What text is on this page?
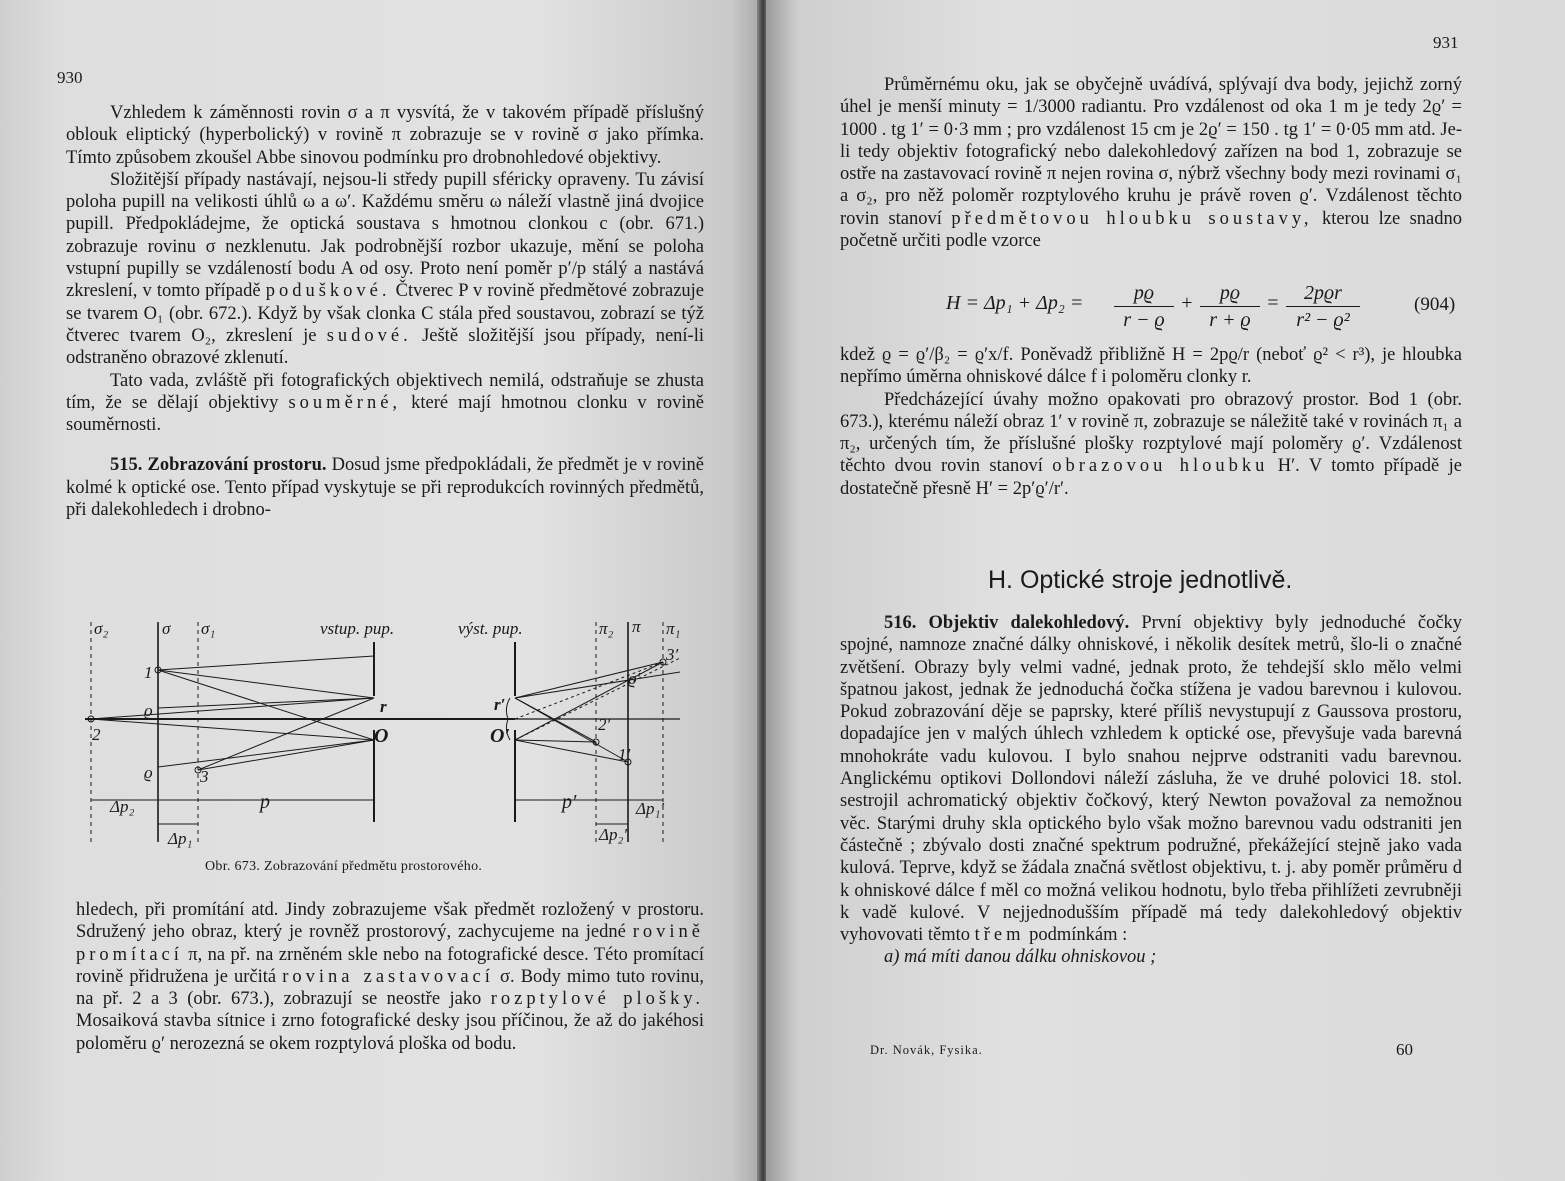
930

Vzhledem k záměnnosti rovin σ a π vysvítá, že v takovém případě příslušný oblouk eliptický (hyperbolický) v rovině π zobrazuje se v rovině σ jako přímka. Tímto způsobem zkoušel Abbe sinovou podmínku pro drobnohledové objektivy.

Složitější případy nastávají, nejsou-li středy pupill sféricky opraveny. Tu závisí poloha pupill na velikosti úhlů ω a ω′. Každému směru ω náleží vlastně jiná dvojice pupill. Předpokládejme, že optická soustava s hmotnou clonkou c (obr. 671.) zobrazuje rovinu σ nezklenutu. Jak podrobnější rozbor ukazuje, mění se poloha vstupní pupilly se vzdáleností bodu A od osy. Proto není poměr p′/p stálý a nastává zkreslení, v tomto případě poduškové. Čtverec P v rovině předmětové zobrazuje se tvarem O₁ (obr. 672.). Když by však clonka C stála před soustavou, zobrazí se týž čtverec tvarem O₂, zkreslení je sudové. Ještě složitější jsou případy, není-li odstraněno obrazové zklenutí.

Tato vada, zvláště při fotografických objektivech nemilá, odstraňuje se zhusta tím, že se dělají objektivy souměrné, které mají hmotnou clonku v rovině souměrnosti.

515. Zobrazování prostoru. Dosud jsme předpokládali, že předmět je v rovině kolmé k optické ose. Tento případ vyskytuje se při reprodukcích rovinných předmětů, při dalekohledech i drobno-

σ₂	σ σ₁	vstup. pup.	výst. pup.	π₂ π π₁
1
2
3
ϱ
ϱ
r
O
r′
O′
1′
2′
3′
ϱ′
Δp₂	p
Δp₁
p′	Δp₁′
Δp₂′
Obr. 673. Zobrazování předmětu prostorového.

hledech, při promítání atd. Jindy zobrazujeme však předmět rozložený v prostoru. Sdružený jeho obraz, který je rovněž prostorový, zachycujeme na jedné rovině promítací π, na př. na zrněném skle nebo na fotografické desce. Této promítací rovině přidružena je určitá rovina zastavovací σ. Body mimo tuto rovinu, na př. 2 a 3 (obr. 673.), zobrazují se neostře jako rozptylové plošky. Mosaiková stavba sítnice i zrno fotografické desky jsou příčinou, že až do jakéhosi poloměru ϱ′ nerozezná se okem rozptylová ploška od bodu.

931

Průměrnému oku, jak se obyčejně uvádívá, splývají dva body, jejichž zorný úhel je menší minuty = 1/3000 radiantu. Pro vzdálenost od oka 1 m je tedy 2ϱ′ = 1000 . tg 1′ = 0·3 mm ; pro vzdálenost 15 cm je 2ϱ′ = 150 . tg 1′ = 0·05 mm atd. Je-li tedy objektiv fotografický nebo dalekohledový zařízen na bod 1, zobrazuje se ostře na zastavovací rovině π nejen rovina σ, nýbrž všechny body mezi rovinami σ₁ a σ₂, pro něž poloměr rozptylového kruhu je právě roven ϱ′. Vzdálenost těchto rovin stanoví předmětovou hloubku soustavy, kterou lze snadno početně určiti podle vzorce

H = Δp₁ + Δp₂ =	pϱ
r − ϱ
+	pϱ
r + ϱ
=	2pϱr
r² − ϱ²
(904)

kdež ϱ = ϱ′/β₂ = ϱ′x/f. Poněvadž přibližně H = 2pϱ/r (neboť ϱ² < r³), je hloubka nepřímo úměrna ohniskové dálce f i poloměru clonky r.

Předcházející úvahy možno opakovati pro obrazový prostor. Bod 1 (obr. 673.), kterému náleží obraz 1′ v rovině π, zobrazuje se náležitě také v rovinách π₁ a π₂, určených tím, že příslušné plošky rozptylové mají poloměry ϱ′. Vzdálenost těchto dvou rovin stanoví obrazovou hloubku H′. V tomto případě je dostatečně přesně H′ = 2p′ϱ′/r′.

H. Optické stroje jednotlivě.

516. Objektiv dalekohledový. První objektivy byly jednoduché čočky spojné, namnoze značné dálky ohniskové, i několik desítek metrů, šlo-li o značné zvětšení. Obrazy byly velmi vadné, jednak proto, že tehdejší sklo mělo velmi špatnou jakost, jednak že jednoduchá čočka stížena je vadou barevnou i kulovou. Pokud zobrazování děje se paprsky, které příliš nevystupují z Gaussova prostoru, dopadajíce jen v malých úhlech vzhledem k optické ose, převyšuje vada barevná mnohokráte vadu kulovou. I bylo snahou nejprve odstraniti vadu barevnou. Anglickému optikovi Dollondovi náleží zásluha, že ve druhé polovici 18. stol. sestrojil achromatický objektiv čočkový, který Newton považoval za nemožnou věc. Starými druhy skla optického bylo však možno barevnou vadu odstraniti jen částečně ; zbývalo dosti značné spektrum podružné, překážející stejně jako vada kulová. Teprve, když se žádala značná světlost objektivu, t. j. aby poměr průměru d k ohniskové dálce f měl co možná velikou hodnotu, bylo třeba přihlížeti zevrubněji k vadě kulové. V nejjednodušším případě má tedy dalekohledový objektiv vyhovovati těmto třem podmínkám :

a) má míti danou dálku ohniskovou ;

Dr. Novák, Fysika.	60
